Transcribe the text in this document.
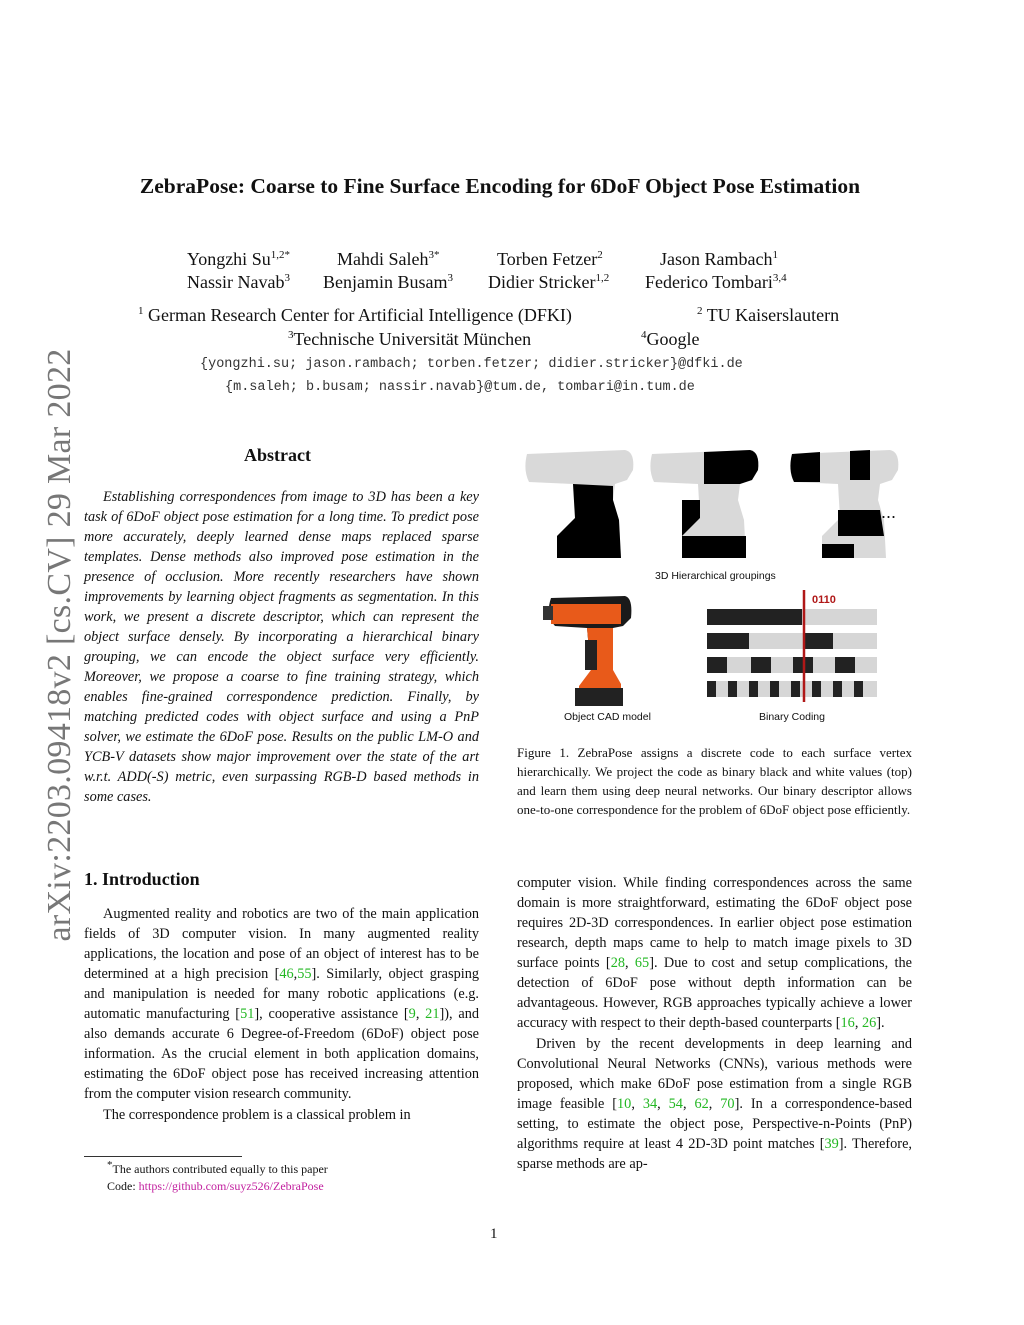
arXiv:2203.09418v2 [cs.CV] 29 Mar 2022
ZebraPose: Coarse to Fine Surface Encoding for 6DoF Object Pose Estimation
Yongzhi $Su^{1,2*}$	Mahdi Saleh$^{3*}$	Torben Fetzer$^2$	Jason Rambach$^1$
Nassir Navab$^3$	Benjamin Busam$^3$	Didier Stricker$^{1,2}$	Federico Tombari$^{3,4}$
$^1$ German Research Center for Artificial Intelligence (DFKI)	$^2$ TU Kaiserslautern
$^3$Technische Universität München	$^4$Google
{yongzhi.su; jason.rambach; torben.fetzer; didier.stricker}@dfki.de
{m.saleh; b.busam; nassir.navab}@tum.de, tombari@in.tum.de
Abstract

Establishing correspondences from image to 3D has been a key task of 6DoF object pose estimation for a long time. To predict pose more accurately, deeply learned dense maps replaced sparse templates. Dense methods also improved pose estimation in the presence of occlusion. More recently researchers have shown improvements by learning object fragments as segmentation. In this work, we present a discrete descriptor, which can represent the object surface densely. By incorporating a hierarchical binary grouping, we can encode the object surface very efficiently. Moreover, we propose a coarse to fine training strategy, which enables fine-grained correspondence prediction. Finally, by matching predicted codes with object surface and using a PnP solver, we estimate the 6DoF pose. Results on the public LM-O and YCB-V datasets show major improvement over the state of the art w.r.t. ADD(-S) metric, even surpassing RGB-D based methods in some cases.

1. Introduction

Augmented reality and robotics are two of the main application fields of 3D computer vision. In many augmented reality applications, the location and pose of an object of interest has to be determined at a high precision [46,55]. Similarly, object grasping and manipulation is needed for many robotic applications (e.g. automatic manufacturing [51], cooperative assistance [9, 21]), and also demands accurate 6 Degree-of-Freedom (6DoF) object pose information. As the crucial element in both application domains, estimating the 6DoF object pose has received increasing attention from the computer vision research community.

The correspondence problem is a classical problem in

*The authors contributed equally to this paper
Code: https://github.com/suyz526/ZebraPose
...
0110
3D Hierarchical groupings
Object CAD model	Binary Coding
Figure 1. ZebraPose assigns a discrete code to each surface vertex hierarchically. We project the code as binary black and white values (top) and learn them using deep neural networks. Our binary descriptor allows one-to-one correspondence for the problem of 6DoF object pose efficiently.

computer vision. While finding correspondences across the same domain is more straightforward, estimating the 6DoF object pose requires 2D-3D correspondences. In earlier object pose estimation research, depth maps came to help to match image pixels to 3D surface points [28, 65]. Due to cost and setup complications, the detection of 6DoF pose without depth information can be advantageous. However, RGB approaches typically achieve a lower accuracy with respect to their depth-based counterparts [16, 26].

Driven by the recent developments in deep learning and Convolutional Neural Networks (CNNs), various methods were proposed, which make 6DoF pose estimation from a single RGB image feasible [10, 34, 54, 62, 70]. In a correspondence-based setting, to estimate the object pose, Perspective-n-Points (PnP) algorithms require at least 4 2D-3D point matches [39]. Therefore, sparse methods are ap-

1
